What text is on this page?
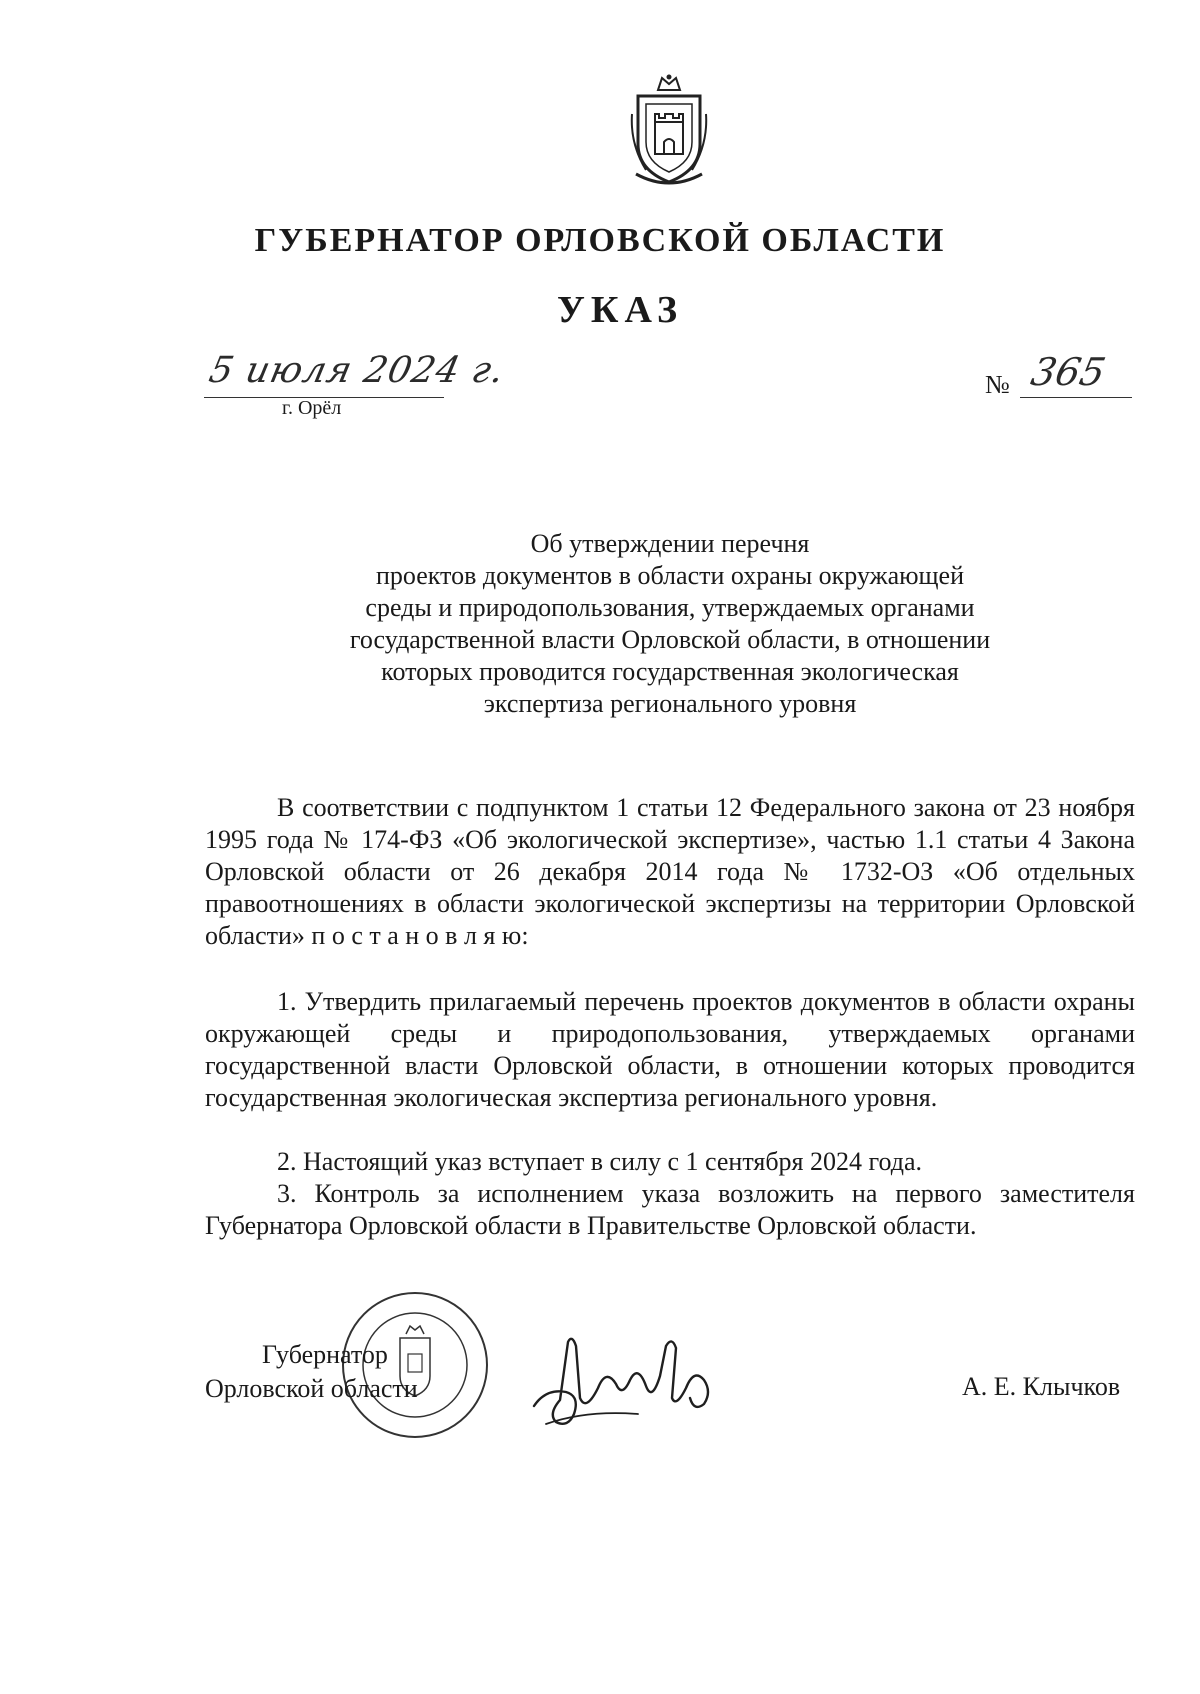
ГУБЕРНАТОР ОРЛОВСКОЙ ОБЛАСТИ
УКАЗ
5 июля 2024 г.
г. Орёл
№ 365
Об утверждении перечня
проектов документов в области охраны окружающей
среды и природопользования, утверждаемых органами
государственной власти Орловской области, в отношении
которых проводится государственная экологическая
экспертиза регионального уровня
В соответствии с подпунктом 1 статьи 12 Федерального закона от 23 ноября 1995 года № 174-ФЗ «Об экологической экспертизе», частью 1.1 статьи 4 Закона Орловской области от 26 декабря 2014 года № 1732-ОЗ «Об отдельных правоотношениях в области экологической экспертизы на территории Орловской области» п о с т а н о в л я ю:
1. Утвердить прилагаемый перечень проектов документов в области охраны окружающей среды и природопользования, утверждаемых органами государственной власти Орловской области, в отношении которых проводится государственная экологическая экспертиза регионального уровня.
2. Настоящий указ вступает в силу с 1 сентября 2024 года.
3. Контроль за исполнением указа возложить на первого заместителя Губернатора Орловской области в Правительстве Орловской области.
Губернатор
Орловской области	А. Е. Клычков
